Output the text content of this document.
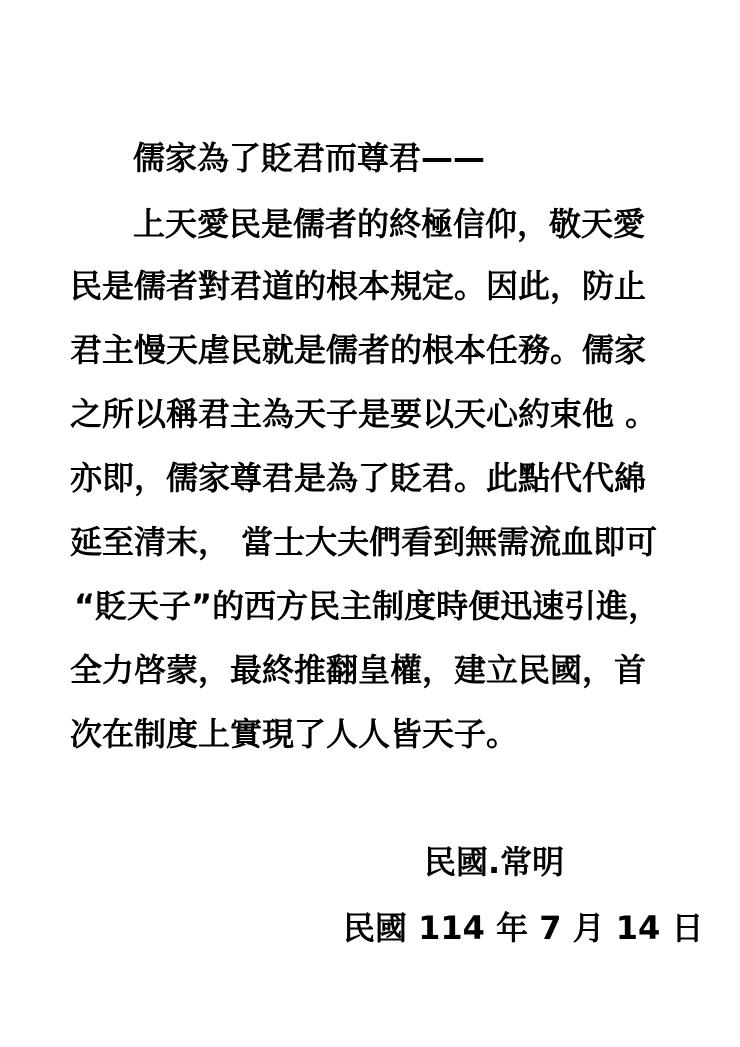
儒家為了貶君而尊君——
上天愛民是儒者的終極信仰，敬天愛
民是儒者對君道的根本規定。因此，防止
君主慢天虐民就是儒者的根本任務。儒家
之所以稱君主為天子是要以天心約束他 。
亦即，儒家尊君是為了貶君。此點代代綿
延至清末， 當士大夫們看到無需流血即可
“貶天子”的西方民主制度時便迅速引進，
全力啓蒙，最終推翻皇權，建立民國，首
次在制度上實現了人人皆天子。
民國.常明
民國 114 年 7 月 14 日
